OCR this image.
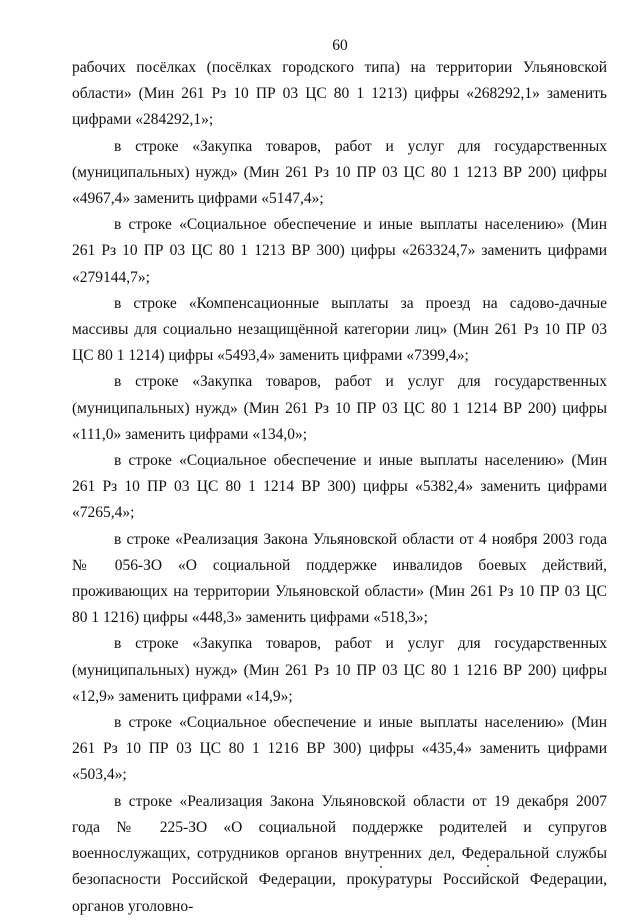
60

рабочих посёлках (посёлках городского типа) на территории Ульяновской области» (Мин 261 Рз 10 ПР 03 ЦС 80 1 1213) цифры «268292,1» заменить цифрами «284292,1»;

в строке «Закупка товаров, работ и услуг для государственных (муниципальных) нужд» (Мин 261 Рз 10 ПР 03 ЦС 80 1 1213 ВР 200) цифры «4967,4» заменить цифрами «5147,4»;

в строке «Социальное обеспечение и иные выплаты населению» (Мин 261 Рз 10 ПР 03 ЦС 80 1 1213 ВР 300) цифры «263324,7» заменить цифрами «279144,7»;

в строке «Компенсационные выплаты за проезд на садово-дачные массивы для социально незащищённой категории лиц» (Мин 261 Рз 10 ПР 03 ЦС 80 1 1214) цифры «5493,4» заменить цифрами «7399,4»;

в строке «Закупка товаров, работ и услуг для государственных (муниципальных) нужд» (Мин 261 Рз 10 ПР 03 ЦС 80 1 1214 ВР 200) цифры «111,0» заменить цифрами «134,0»;

в строке «Социальное обеспечение и иные выплаты населению» (Мин 261 Рз 10 ПР 03 ЦС 80 1 1214 ВР 300) цифры «5382,4» заменить цифрами «7265,4»;

в строке «Реализация Закона Ульяновской области от 4 ноября 2003 года № 056-ЗО «О социальной поддержке инвалидов боевых действий, проживающих на территории Ульяновской области» (Мин 261 Рз 10 ПР 03 ЦС 80 1 1216) цифры «448,3» заменить цифрами «518,3»;

в строке «Закупка товаров, работ и услуг для государственных (муниципальных) нужд» (Мин 261 Рз 10 ПР 03 ЦС 80 1 1216 ВР 200) цифры «12,9» заменить цифрами «14,9»;

в строке «Социальное обеспечение и иные выплаты населению» (Мин 261 Рз 10 ПР 03 ЦС 80 1 1216 ВР 300) цифры «435,4» заменить цифрами «503,4»;

в строке «Реализация Закона Ульяновской области от 19 декабря 2007 года № 225-ЗО «О социальной поддержке родителей и супругов военнослужащих, сотрудников органов внутренних дел, Федеральной службы безопасности Российской Федерации, прокуратуры Российской Федерации, органов уголовно-
